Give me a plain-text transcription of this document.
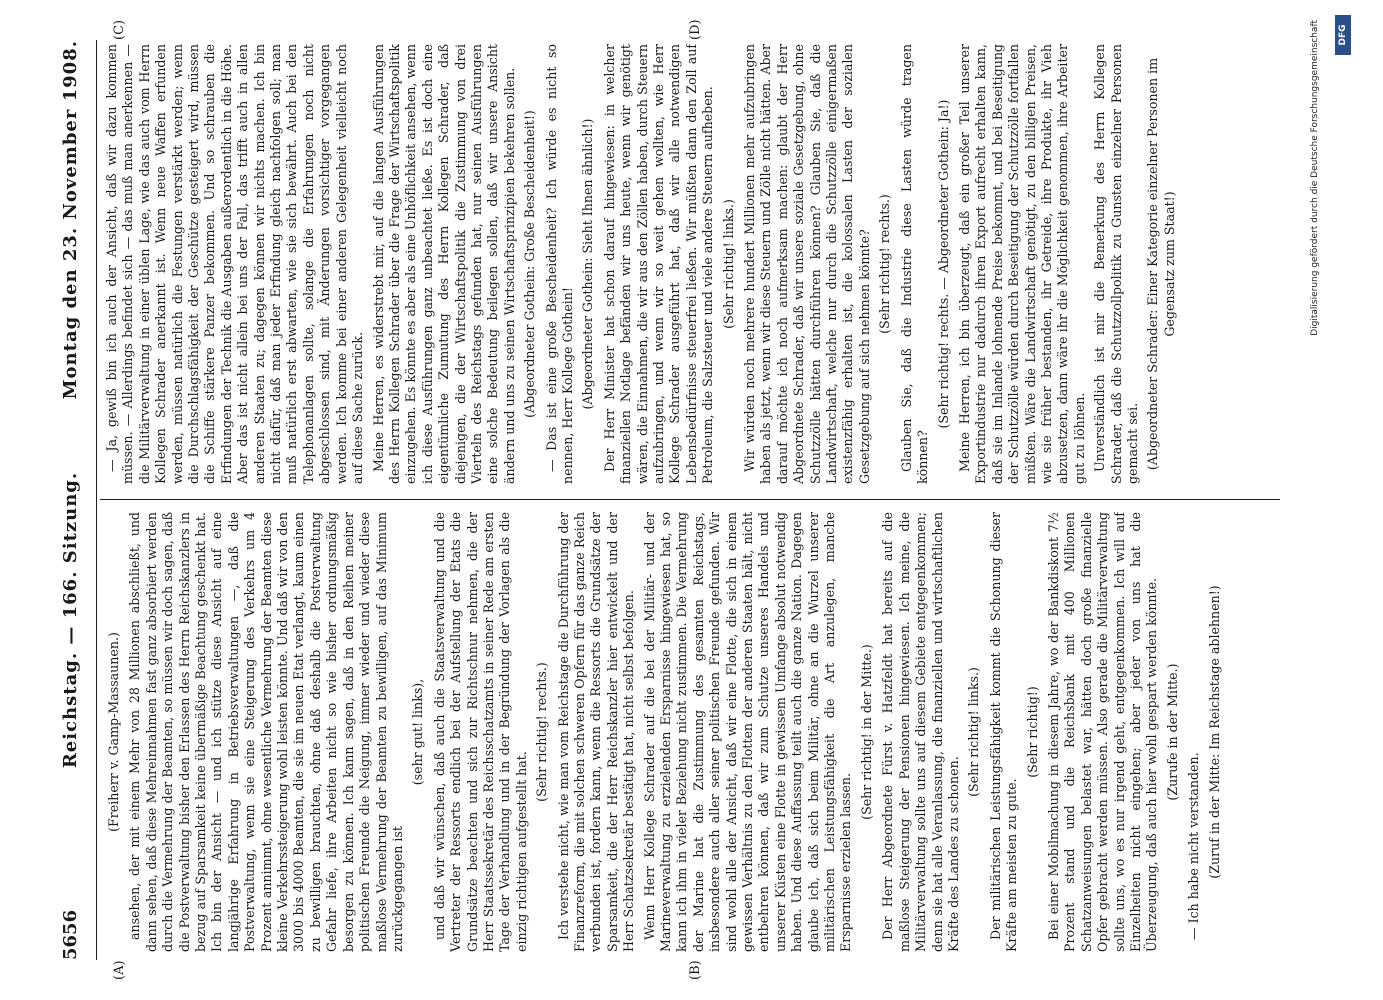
5656
Reichstag. — 166. Sitzung.
Montag den 23. November 1908.
(A)	(B)
(C)	(D)

(Freiherr v. Gamp-Massaunen.) ansehen, der mit einem Mehr von 28 Millionen abschließt, und dann sehen, daß diese Mehreinnahmen fast ganz absorbiert werden durch die Vermehrung der Beamten, so müssen wir doch sagen, daß die Postverwaltung bisher den Erlassen des Herrn Reichskanzlers in bezug auf Sparsamkeit keine übermäßige Beachtung geschenkt hat. Ich bin der Ansicht — und ich stütze diese Ansicht auf eine langjährige Erfahrung in Betriebsverwaltungen —, daß die Postverwaltung, wenn sie eine Steigerung des Verkehrs um 4 Prozent annimmt, ohne wesentliche Vermehrung der Beamten diese kleine Verkehrssteigerung wohl leisten könnte. Und daß wir von den 3000 bis 4000 Beamten, die sie im neuen Etat verlangt, kaum einen zu bewilligen brauchten, ohne daß deshalb die Postverwaltung Gefahr liefe, ihre Arbeiten nicht so wie bisher ordnungsmäßig besorgen zu können. Ich kann sagen, daß in den Reihen meiner politischen Freunde die Neigung, immer wieder und wieder diese maßlose Vermehrung der Beamten zu bewilligen, auf das Minimum zurückgegangen ist

(sehr gut! links), und daß wir wünschen, daß auch die Staatsverwaltung und die Vertreter der Ressorts endlich bei der Aufstellung der Etats die Grundsätze beachten und sich zur Richtschnur nehmen, die der Herr Staatssekretär des Reichsschatzamts in seiner Rede am ersten Tage der Verhandlung und in der Begründung der Vorlagen als die einzig richtigen aufgestellt hat.

(Sehr richtig! rechts.) Ich verstehe nicht, wie man vom Reichstage die Durchführung der Finanzreform, die mit solchen schweren Opfern für das ganze Reich verbunden ist, fordern kann, wenn die Ressorts die Grundsätze der Sparsamkeit, die der Herr Reichskanzler hier entwickelt und der Herr Schatzsekretär bestätigt hat, nicht selbst befolgen. Wenn Herr Kollege Schrader auf die bei der Militär- und der Marineverwaltung zu erzielenden Ersparnisse hingewiesen hat, so kann ich ihm in vieler Beziehung nicht zustimmen. Die Vermehrung der Marine hat die Zustimmung des gesamten Reichstags, insbesondere auch aller seiner politischen Freunde gefunden. Wir sind wohl alle der Ansicht, daß wir eine Flotte, die sich in einem gewissen Verhältnis zu den Flotten der anderen Staaten hält, nicht entbehren können, daß wir zum Schutze unseres Handels und unserer Küsten eine Flotte in gewissem Umfange absolut notwendig haben. Und diese Auffassung teilt auch die ganze Nation. Dagegen glaube ich, daß sich beim Militär, ohne an die Wurzel unserer militärischen Leistungsfähigkeit die Art anzulegen, manche Ersparnisse erzielen lassen.

(Sehr richtig! in der Mitte.) Der Herr Abgeordnete Fürst v. Hatzfeldt hat bereits auf die maßlose Steigerung der Pensionen hingewiesen. Ich meine, die Militärverwaltung sollte uns auf diesem Gebiete entgegenkommen; denn sie hat alle Veranlassung, die finanziellen und wirtschaftlichen Kräfte des Landes zu schonen.

(Sehr richtig! links.) Der militärischen Leistungsfähigkeit kommt die Schonung dieser Kräfte am meisten zu gute.

(Sehr richtig!) Bei einer Mobilmachung in diesem Jahre, wo der Bankdiskont 7½ Prozent stand und die Reichsbank mit 400 Millionen Schatzanweisungen belastet war, hätten doch große finanzielle Opfer gebracht werden müssen. Also gerade die Militärverwaltung sollte uns, wo es nur irgend geht, entgegenkommen. Ich will auf Einzelheiten nicht eingehen; aber jeder von uns hat die Überzeugung, daß auch hier wohl gespart werden könnte. (Zurufe in der Mitte.)

— Ich habe nicht verstanden. (Zuruf in der Mitte: Im Reichstage ablehnen!)

— Ja, gewiß bin ich auch der Ansicht, daß wir dazu kommen müssen. — Allerdings befindet sich — das muß man anerkennen — die Militärverwaltung in einer üblen Lage, wie das auch vom Herrn Kollegen Schrader anerkannt ist. Wenn neue Waffen erfunden werden, müssen natürlich die Festungen verstärkt werden; wenn die Durchschlagsfähigkeit der Geschütze gesteigert wird, müssen die Schiffe stärkere Panzer bekommen. Und so schrauben die Erfindungen der Technik die Ausgaben außerordentlich in die Höhe. Aber das ist nicht allein bei uns der Fall, das trifft auch in allen anderen Staaten zu; dagegen können wir nichts machen. Ich bin nicht dafür, daß man jeder Erfindung gleich nachfolgen soll; man muß natürlich erst abwarten, wie sie sich bewährt. Auch bei den Telephonanlagen sollte, solange die Erfahrungen noch nicht abgeschlossen sind, mit Änderungen vorsichtiger vorgegangen werden. Ich komme bei einer anderen Gelegenheit vielleicht noch auf diese Sache zurück. Meine Herren, es widerstrebt mir, auf die langen Ausführungen des Herrn Kollegen Schrader über die Frage der Wirtschaftspolitik einzugehen. Es könnte es aber als eine Unhöflichkeit ansehen, wenn ich diese Ausführungen ganz unbeachtet ließe. Es ist doch eine eigentümliche Zumutung des Herrn Kollegen Schrader, daß diejenigen, die der Wirtschaftspolitik die Zustimmung von drei Vierteln des Reichstags gefunden hat, nur seinen Ausführungen eine solche Bedeutung beilegen sollen, daß wir unsere Ansicht ändern und uns zu seinen Wirtschaftsprinzipien bekehren sollen. (Abgeordneter Gothein: Große Bescheidenheit!) — Das ist eine große Bescheidenheit? Ich würde es nicht so nennen, Herr Kollege Gothein! (Abgeordneter Gothein: Sieht Ihnen ähnlich!) Der Herr Minister hat schon darauf hingewiesen: in welcher finanziellen Notlage befänden wir uns heute, wenn wir genötigt wären, die Einnahmen, die wir aus den Zöllen haben, durch Steuern aufzubringen, und wenn wir so weit gehen wollten, wie Herr Kollege Schrader ausgeführt hat, daß wir alle notwendigen Lebensbedürfnisse steuerfrei ließen. Wir müßten dann den Zoll auf Petroleum, die Salzsteuer und viele andere Steuern aufheben. (Sehr richtig! links.) Wir würden noch mehrere hundert Millionen mehr aufzubringen haben als jetzt, wenn wir diese Steuern und Zölle nicht hätten. Aber darauf möchte ich noch aufmerksam machen: glaubt der Herr Abgeordnete Schrader, daß wir unsere soziale Gesetzgebung, ohne Schutzzölle hätten durchführen können? Glauben Sie, daß die Landwirtschaft, welche nur durch die Schutzzölle einigermaßen existenzfähig erhalten ist, die kolossalen Lasten der sozialen Gesetzgebung auf sich nehmen könnte? (Sehr richtig! rechts.) Glauben Sie, daß die Industrie diese Lasten würde tragen können?

(Sehr richtig! rechts. — Abgeordneter Gothein: Ja!) Meine Herren, ich bin überzeugt, daß ein großer Teil unserer Exportindustrie nur dadurch ihren Export aufrecht erhalten kann, daß sie im Inlande lohnende Preise bekommt, und bei Beseitigung der Schutzzölle würden durch Beseitigung der Schutzzölle fortfallen müßten. Wäre die Landwirtschaft genötigt, zu den billigen Preisen, wie sie früher bestanden, ihr Getreide, ihre Produkte, ihr Vieh abzusetzen, dann wäre ihr die Möglichkeit genommen, ihre Arbeiter gut zu löhnen. Unverständlich ist mir die Bemerkung des Herrn Kollegen Schrader, daß die Schutzzollpolitik zu Gunsten einzelner Personen gemacht sei. (Abgeordneter Schrader: Einer Kategorie einzelner Personen im Gegensatz zum Staat!)	Digitalisierung gefördert durch die Deutsche Forschungsgemeinschaft	DFG
